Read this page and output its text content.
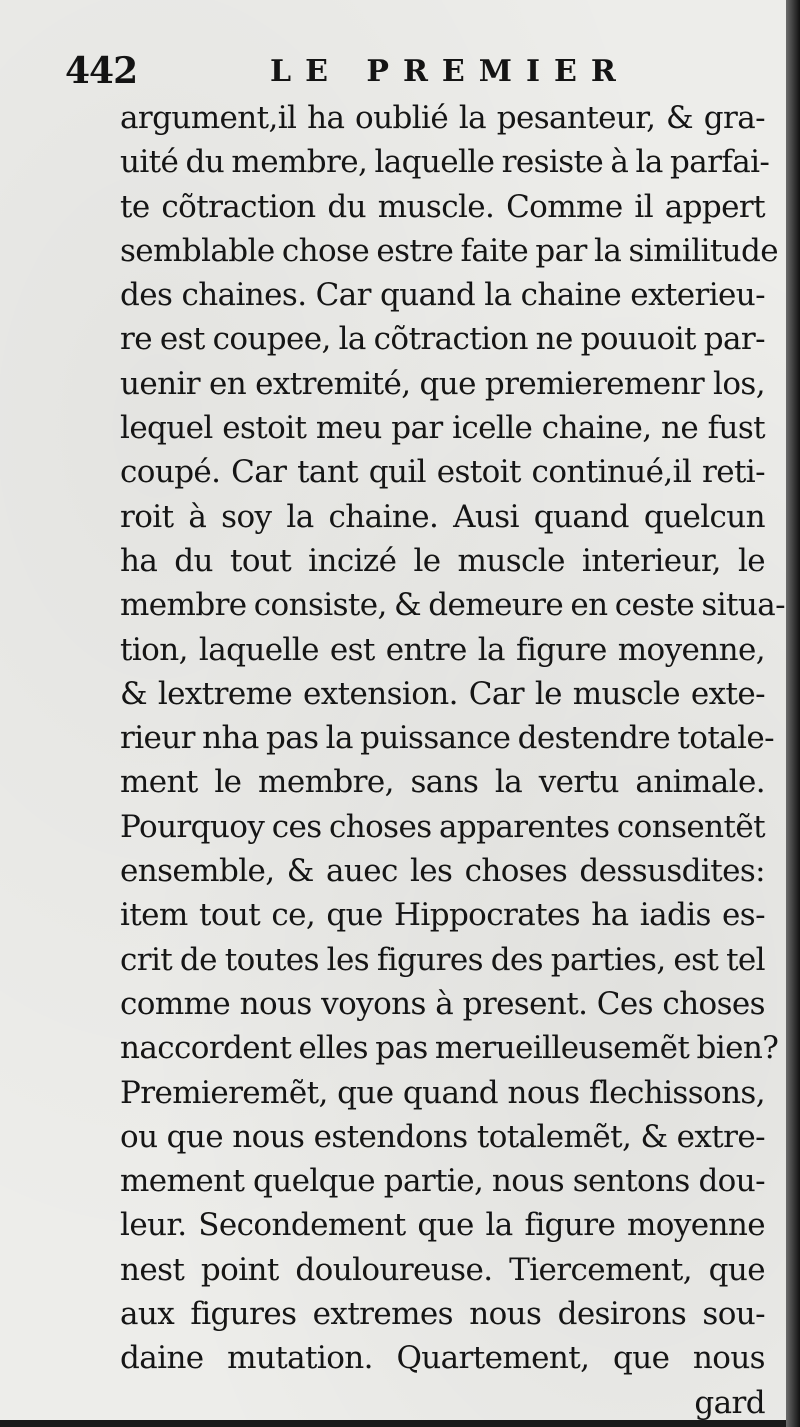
442	LE PREMIER
argument,il ha oublié la pesanteur, & gra-
uité du membre, laquelle resiste à la parfai-
te cõtraction du muscle. Comme il appert
semblable chose estre faite par la similitude
des chaines. Car quand la chaine exterieu-
re est coupee, la cõtraction ne pouuoit par-
uenir en extremité, que premieremenr los,
lequel estoit meu par icelle chaine, ne fust
coupé. Car tant quil estoit continué,il reti-
roit à soy la chaine. Ausi quand quelcun
ha du tout incizé le muscle interieur, le
membre consiste, & demeure en ceste situa-
tion, laquelle est entre la figure moyenne,
& lextreme extension. Car le muscle exte-
rieur nha pas la puissance destendre totale-
ment le membre, sans la vertu animale.
Pourquoy ces choses apparentes consentẽt
ensemble, & auec les choses dessusdites:
item tout ce, que Hippocrates ha iadis es-
crit de toutes les figures des parties, est tel
comme nous voyons à present. Ces choses
naccordent elles pas merueilleusemẽt bien?
Premieremẽt, que quand nous flechissons,
ou que nous estendons totalemẽt, & extre-
mement quelque partie, nous sentons dou-
leur. Secondement que la figure moyenne
nest point douloureuse. Tiercement, que
aux figures extremes nous desirons sou-
daine mutation. Quartement, que nous
gard
